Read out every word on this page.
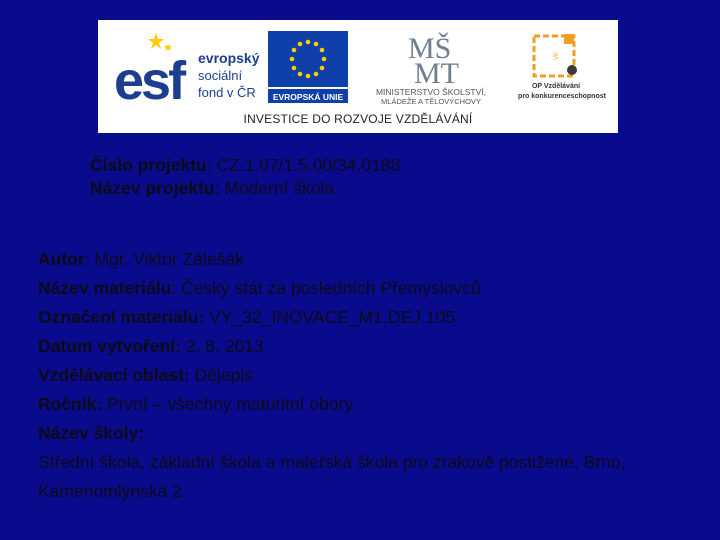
esf evropský
sociální
fond v ČR EVROPSKÁ UNIE
MŠ
MT
MINISTERSTVO ŠKOLSTVÍ,
MLÁDEŽE A TĚLOVÝCHOVY
VK
OP Vzdělávání
pro konkurenceschopnost
INVESTICE DO ROZVOJE VZDĚLÁVÁNÍ
Číslo projektu: CZ.1.07/1.5.00/34.0188
Název projektu: Moderní škola
Autor: Mgr. Viktor Zálešák
Název materiálu: Český stát za posledních Přemyslovců
Označení materiálu: VY_32_INOVACE_M1.DEJ.105
Datum vytvoření: 2. 8. 2013
Vzdělávací oblast: Dějepis
Ročník: První – všechny maturitní obory
Název školy:
Střední škola, základní škola a mateřská škola pro zrakově postižené, Brno, Kamenomlýnská 2
